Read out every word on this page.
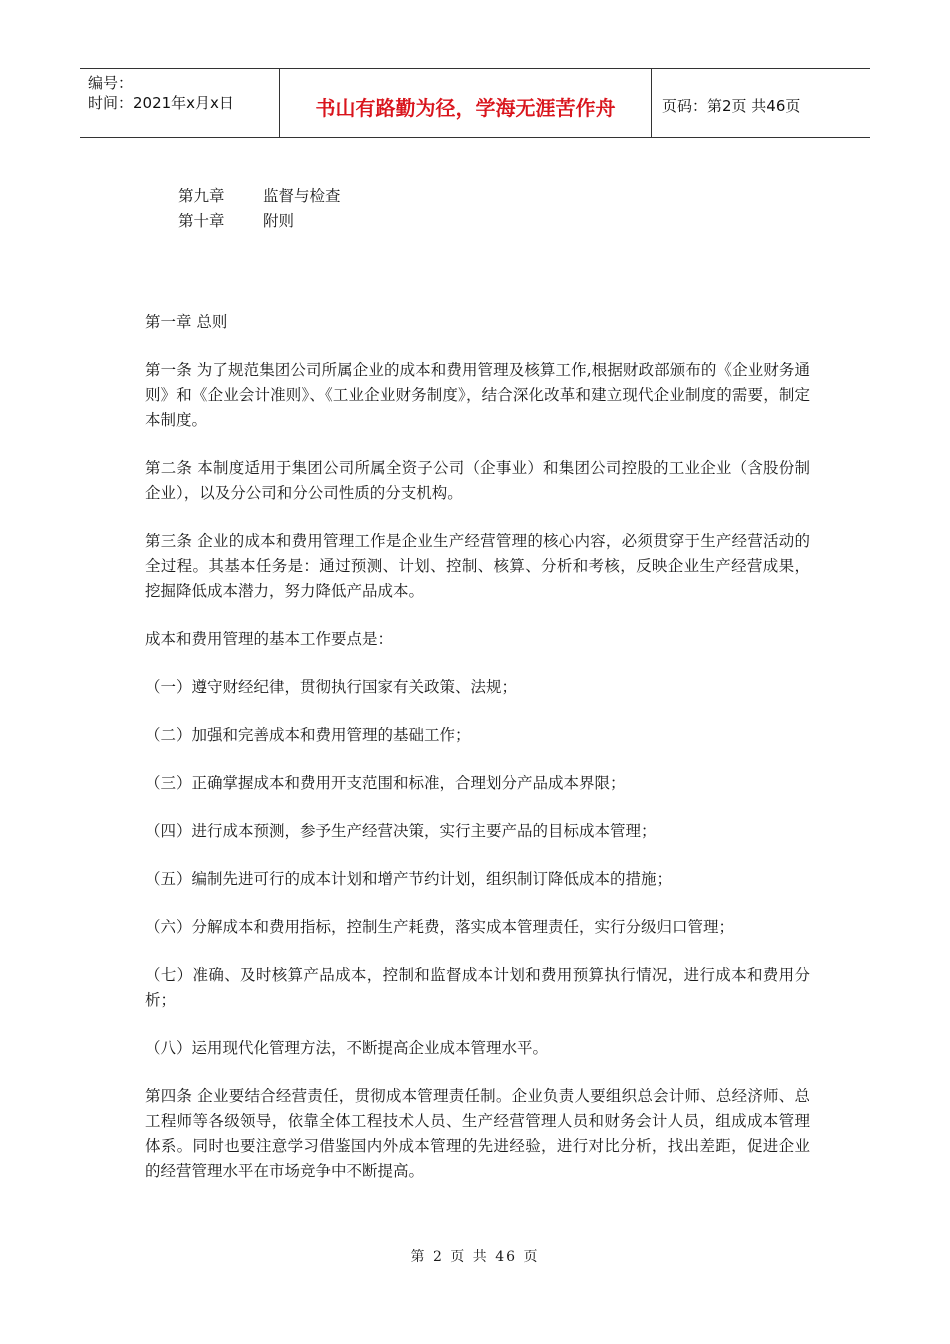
编号：
时间：2021年x月x日	书山有路勤为径，学海无涯苦作舟	页码：第2页 共46页
第九章 监督与检查
第十章 附则

第一章 总则

第一条 为了规范集团公司所属企业的成本和费用管理及核算工作,根据财政部颁布的《企业财务通则》和《企业会计准则》、《工业企业财务制度》，结合深化改革和建立现代企业制度的需要，制定本制度。

第二条 本制度适用于集团公司所属全资子公司（企事业）和集团公司控股的工业企业（含股份制企业），以及分公司和分公司性质的分支机构。

第三条 企业的成本和费用管理工作是企业生产经营管理的核心内容，必须贯穿于生产经营活动的全过程。其基本任务是：通过预测、计划、控制、核算、分析和考核，反映企业生产经营成果，挖掘降低成本潜力，努力降低产品成本。

成本和费用管理的基本工作要点是：

（一）遵守财经纪律，贯彻执行国家有关政策、法规；

（二）加强和完善成本和费用管理的基础工作；

（三）正确掌握成本和费用开支范围和标准，合理划分产品成本界限；

（四）进行成本预测，参予生产经营决策，实行主要产品的目标成本管理；

（五）编制先进可行的成本计划和增产节约计划，组织制订降低成本的措施；

（六）分解成本和费用指标，控制生产耗费，落实成本管理责任，实行分级归口管理；

（七）准确、及时核算产品成本，控制和监督成本计划和费用预算执行情况，进行成本和费用分析；

（八）运用现代化管理方法，不断提高企业成本管理水平。

第四条 企业要结合经营责任，贯彻成本管理责任制。企业负责人要组织总会计师、总经济师、总工程师等各级领导，依靠全体工程技术人员、生产经营管理人员和财务会计人员，组成成本管理体系。同时也要注意学习借鉴国内外成本管理的先进经验，进行对比分析，找出差距，促进企业的经营管理水平在市场竞争中不断提高。

第 2 页 共 46 页
